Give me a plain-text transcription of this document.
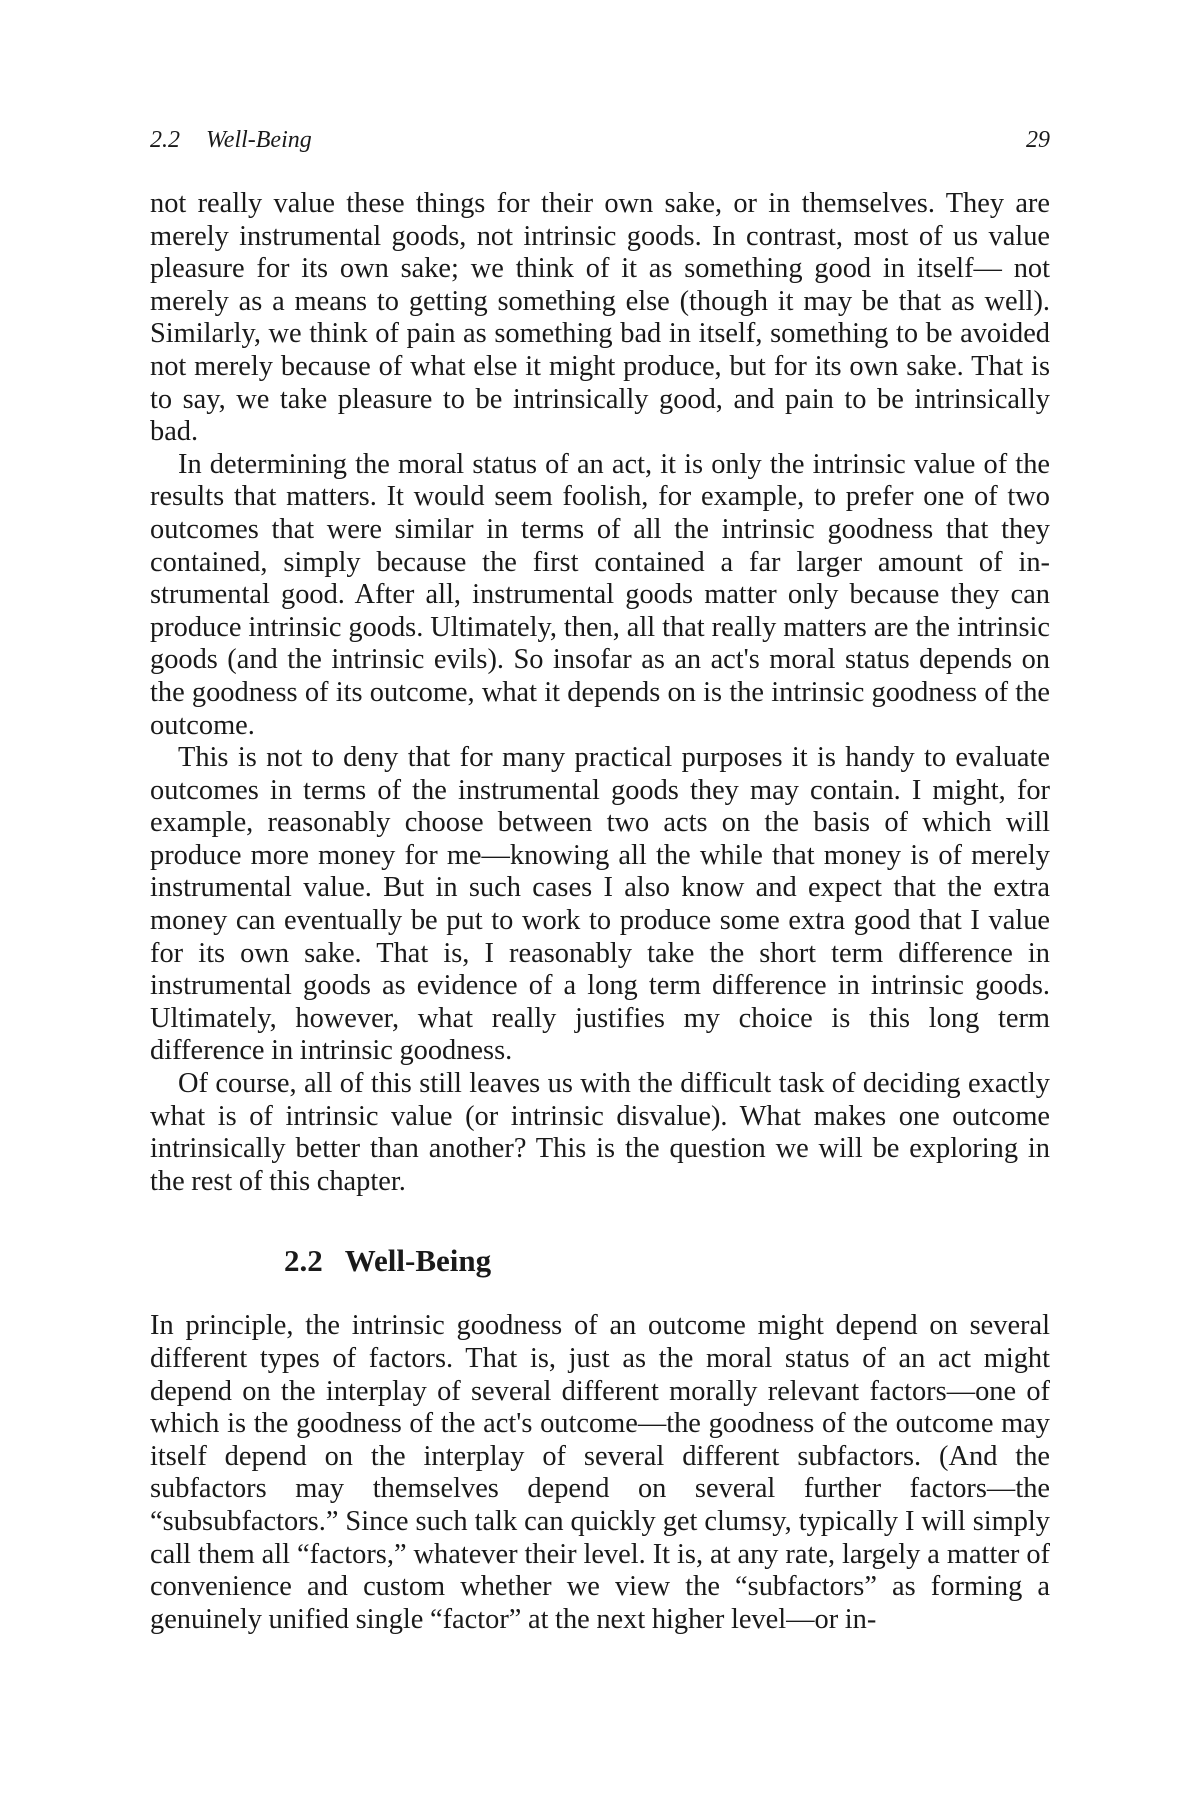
2.2 Well-Being	29

not really value these things for their own sake, or in themselves. They are merely instrumental goods, not intrinsic goods. In contrast, most of us value pleasure for its own sake; we think of it as something good in itself— not merely as a means to getting something else (though it may be that as well). Similarly, we think of pain as something bad in itself, something to be avoided not merely because of what else it might produce, but for its own sake. That is to say, we take pleasure to be intrinsically good, and pain to be intrinsically bad.

In determining the moral status of an act, it is only the intrinsic value of the results that matters. It would seem foolish, for example, to prefer one of two outcomes that were similar in terms of all the intrinsic goodness that they contained, simply because the first contained a far larger amount of instrumental good. After all, instrumental goods matter only because they can produce intrinsic goods. Ultimately, then, all that really matters are the intrinsic goods (and the intrinsic evils). So insofar as an act's moral status depends on the goodness of its outcome, what it depends on is the intrinsic goodness of the outcome.

This is not to deny that for many practical purposes it is handy to evaluate outcomes in terms of the instrumental goods they may contain. I might, for example, reasonably choose between two acts on the basis of which will produce more money for me—knowing all the while that money is of merely instrumental value. But in such cases I also know and expect that the extra money can eventually be put to work to produce some extra good that I value for its own sake. That is, I reasonably take the short term difference in instrumental goods as evidence of a long term difference in intrinsic goods. Ultimately, however, what really justifies my choice is this long term difference in intrinsic goodness.

Of course, all of this still leaves us with the difficult task of deciding exactly what is of intrinsic value (or intrinsic disvalue). What makes one outcome intrinsically better than another? This is the question we will be exploring in the rest of this chapter.

2.2 Well-Being

In principle, the intrinsic goodness of an outcome might depend on several different types of factors. That is, just as the moral status of an act might depend on the interplay of several different morally relevant factors—one of which is the goodness of the act's outcome—the goodness of the outcome may itself depend on the interplay of several different subfactors. (And the subfactors may themselves depend on several further factors—the “subsubfactors.” Since such talk can quickly get clumsy, typically I will simply call them all “factors,” whatever their level. It is, at any rate, largely a matter of convenience and custom whether we view the “subfactors” as forming a genuinely unified single “factor” at the next higher level—or in-
